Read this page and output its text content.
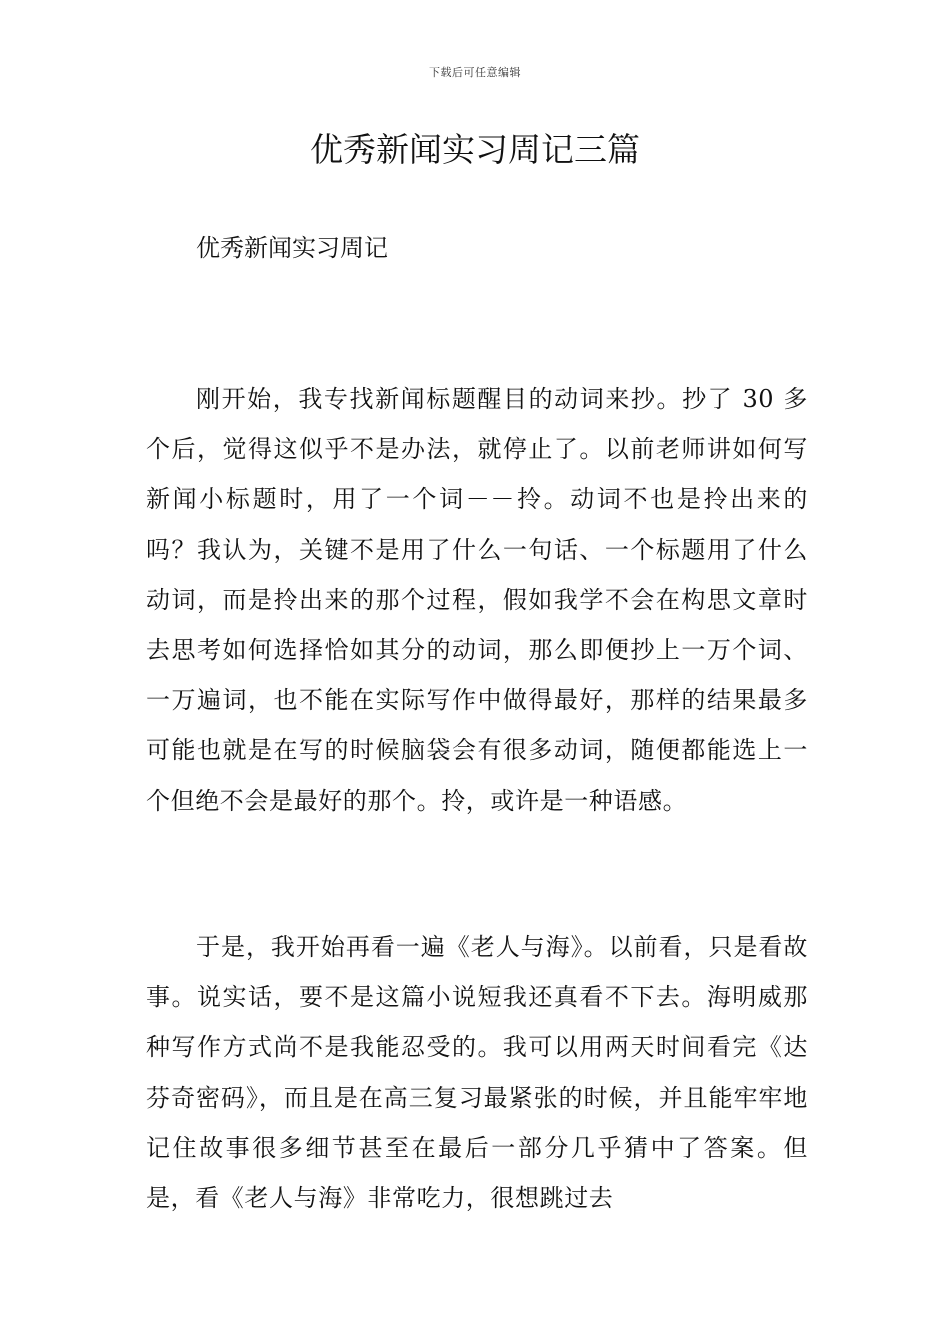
下载后可任意编辑
优秀新闻实习周记三篇

优秀新闻实习周记

刚开始，我专找新闻标题醒目的动词来抄。抄了 30 多个后，觉得这似乎不是办法，就停止了。以前老师讲如何写新闻小标题时，用了一个词－－拎。动词不也是拎出来的吗？我认为，关键不是用了什么一句话、一个标题用了什么动词，而是拎出来的那个过程，假如我学不会在构思文章时去思考如何选择恰如其分的动词，那么即便抄上一万个词、一万遍词，也不能在实际写作中做得最好，那样的结果最多可能也就是在写的时候脑袋会有很多动词，随便都能选上一个但绝不会是最好的那个。拎，或许是一种语感。

于是，我开始再看一遍《老人与海》。以前看，只是看故事。说实话，要不是这篇小说短我还真看不下去。海明威那种写作方式尚不是我能忍受的。我可以用两天时间看完《达芬奇密码》，而且是在高三复习最紧张的时候，并且能牢牢地记住故事很多细节甚至在最后一部分几乎猜中了答案。但是，看《老人与海》非常吃力，很想跳过去
